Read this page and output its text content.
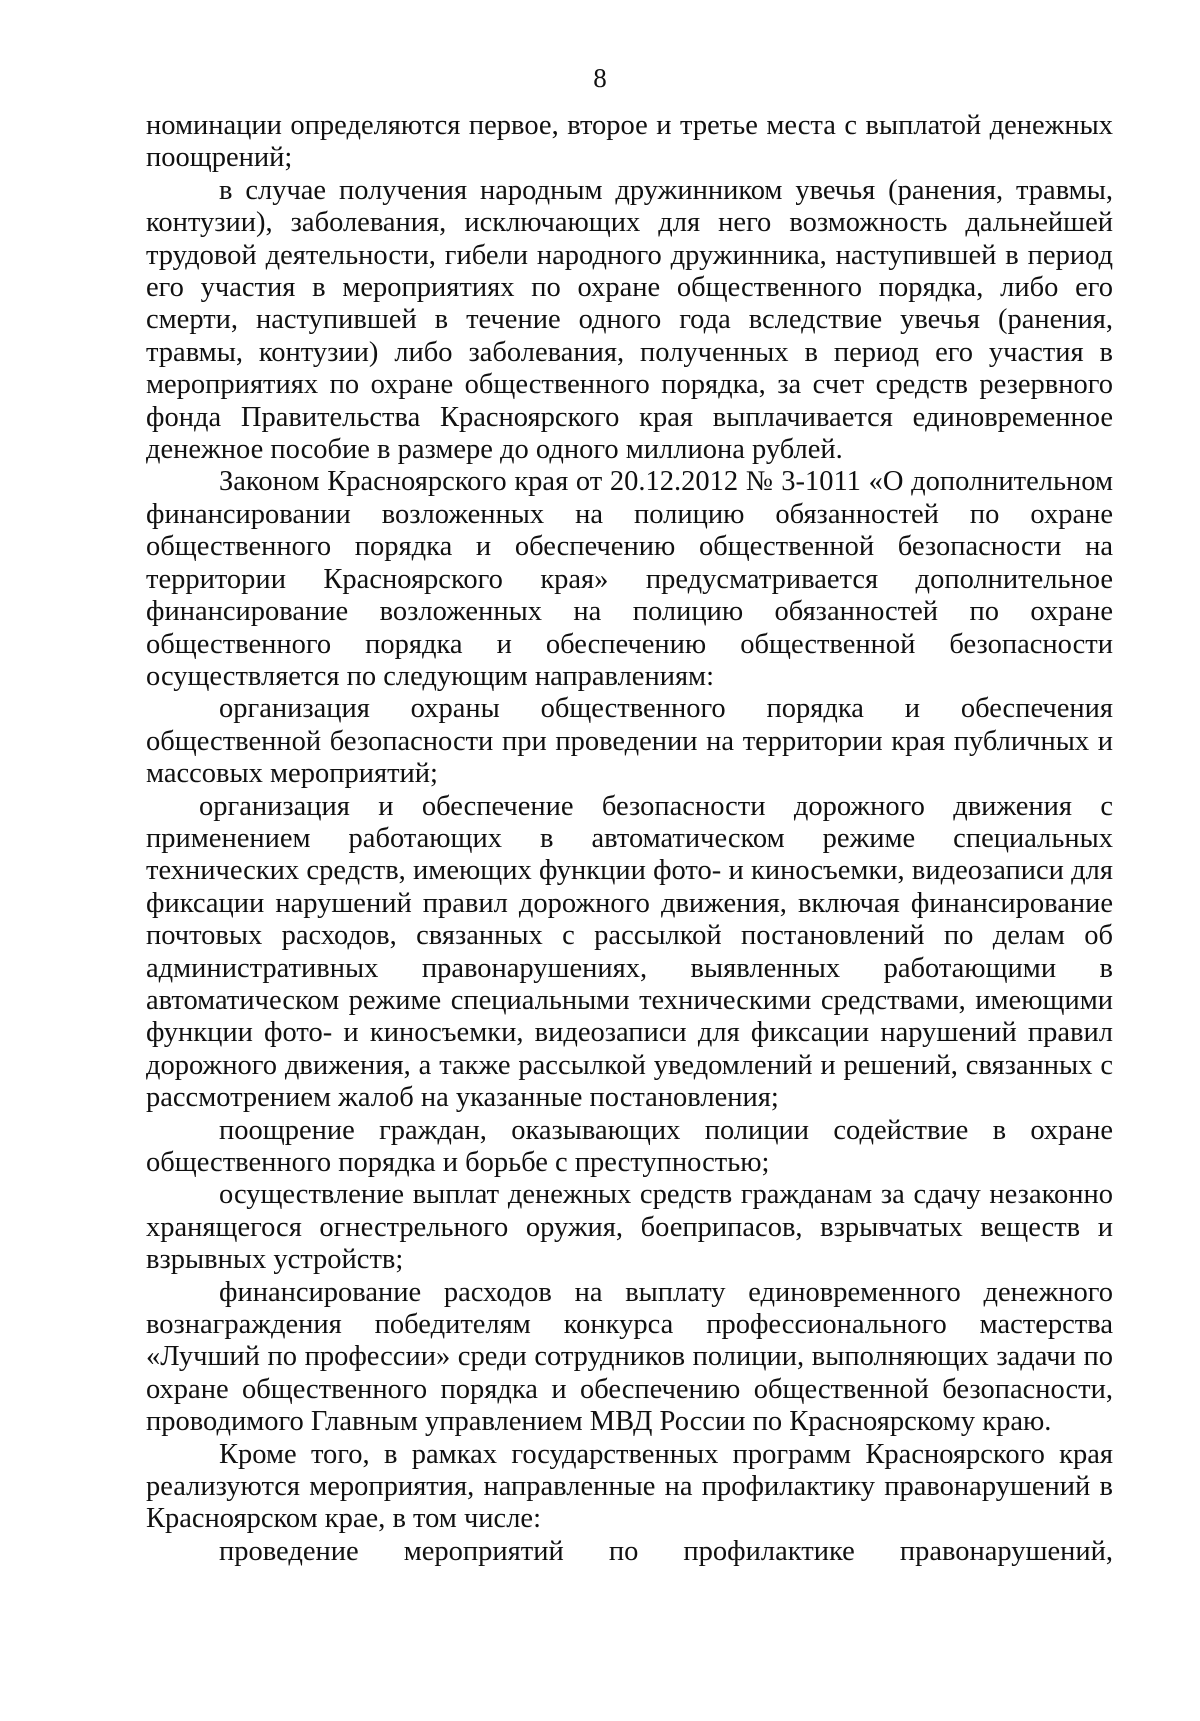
8

номинации определяются первое, второе и третье места с выплатой денежных поощрений;

в случае получения народным дружинником увечья (ранения, травмы, контузии), заболевания, исключающих для него возможность дальнейшей трудовой деятельности, гибели народного дружинника, наступившей в период его участия в мероприятиях по охране общественного порядка, либо его смерти, наступившей в течение одного года вследствие увечья (ранения, травмы, контузии) либо заболевания, полученных в период его участия в мероприятиях по охране общественного порядка, за счет средств резервного фонда Правительства Красноярского края выплачивается единовременное денежное пособие в размере до одного миллиона рублей.

Законом Красноярского края от 20.12.2012 № 3-1011 «О дополнительном финансировании возложенных на полицию обязанностей по охране общественного порядка и обеспечению общественной безопасности на территории Красноярского края» предусматривается дополнительное финансирование возложенных на полицию обязанностей по охране общественного порядка и обеспечению общественной безопасности осуществляется по следующим направлениям:

организация охраны общественного порядка и обеспечения общественной безопасности при проведении на территории края публичных и массовых мероприятий;

организация и обеспечение безопасности дорожного движения с применением работающих в автоматическом режиме специальных технических средств, имеющих функции фото- и киносъемки, видеозаписи для фиксации нарушений правил дорожного движения, включая финансирование почтовых расходов, связанных с рассылкой постановлений по делам об административных правонарушениях, выявленных работающими в автоматическом режиме специальными техническими средствами, имеющими функции фото- и киносъемки, видеозаписи для фиксации нарушений правил дорожного движения, а также рассылкой уведомлений и решений, связанных с рассмотрением жалоб на указанные постановления;

поощрение граждан, оказывающих полиции содействие в охране общественного порядка и борьбе с преступностью;

осуществление выплат денежных средств гражданам за сдачу незаконно хранящегося огнестрельного оружия, боеприпасов, взрывчатых веществ и взрывных устройств;

финансирование расходов на выплату единовременного денежного вознаграждения победителям конкурса профессионального мастерства «Лучший по профессии» среди сотрудников полиции, выполняющих задачи по охране общественного порядка и обеспечению общественной безопасности, проводимого Главным управлением МВД России по Красноярскому краю.

Кроме того, в рамках государственных программ Красноярского края реализуются мероприятия, направленные на профилактику правонарушений в Красноярском крае, в том числе:

проведение мероприятий по профилактике правонарушений,
